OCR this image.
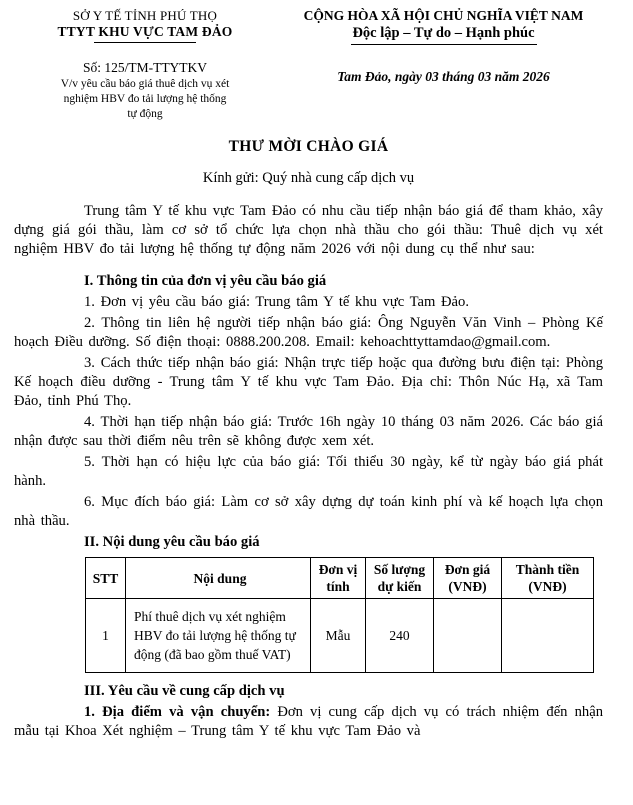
SỞ Y TẾ TỈNH PHÚ THỌ
TTYT KHU VỰC TAM ĐẢO
Số: 125/TM-TTYTKV
V/v yêu cầu báo giá thuê dịch vụ xét
nghiệm HBV đo tải lượng hệ thống
tự động
CỘNG HÒA XÃ HỘI CHỦ NGHĨA VIỆT NAM
Độc lập – Tự do – Hạnh phúc
Tam Đảo, ngày 03 tháng 03 năm 2026
THƯ MỜI CHÀO GIÁ
Kính gửi: Quý nhà cung cấp dịch vụ

Trung tâm Y tế khu vực Tam Đảo có nhu cầu tiếp nhận báo giá để tham khảo, xây dựng giá gói thầu, làm cơ sở tổ chức lựa chọn nhà thầu cho gói thầu: Thuê dịch vụ xét nghiệm HBV đo tải lượng hệ thống tự động năm 2026 với nội dung cụ thể như sau:

I. Thông tin của đơn vị yêu cầu báo giá

1. Đơn vị yêu cầu báo giá: Trung tâm Y tế khu vực Tam Đảo.

2. Thông tin liên hệ người tiếp nhận báo giá: Ông Nguyễn Văn Vinh – Phòng Kế hoạch Điều dưỡng. Số điện thoại: 0888.200.208. Email: kehoachttyttamdao@gmail.com.

3. Cách thức tiếp nhận báo giá: Nhận trực tiếp hoặc qua đường bưu điện tại: Phòng Kế hoạch điều dưỡng - Trung tâm Y tế khu vực Tam Đảo. Địa chỉ: Thôn Núc Hạ, xã Tam Đảo, tỉnh Phú Thọ.

4. Thời hạn tiếp nhận báo giá: Trước 16h ngày 10 tháng 03 năm 2026. Các báo giá nhận được sau thời điểm nêu trên sẽ không được xem xét.

5. Thời hạn có hiệu lực của báo giá: Tối thiểu 30 ngày, kể từ ngày báo giá phát hành.

6. Mục đích báo giá: Làm cơ sở xây dựng dự toán kinh phí và kế hoạch lựa chọn nhà thầu.

II. Nội dung yêu cầu báo giá
STT	Nội dung	Đơn vị tính	Số lượng dự kiến	Đơn giá (VNĐ)	Thành tiền (VNĐ)
1	Phí thuê dịch vụ xét nghiệm HBV đo tải lượng hệ thống tự động (đã bao gồm thuế VAT)	Mẫu	240		
III. Yêu cầu về cung cấp dịch vụ

1. Địa điểm và vận chuyển: Đơn vị cung cấp dịch vụ có trách nhiệm đến nhận mẫu tại Khoa Xét nghiệm – Trung tâm Y tế khu vực Tam Đảo và
